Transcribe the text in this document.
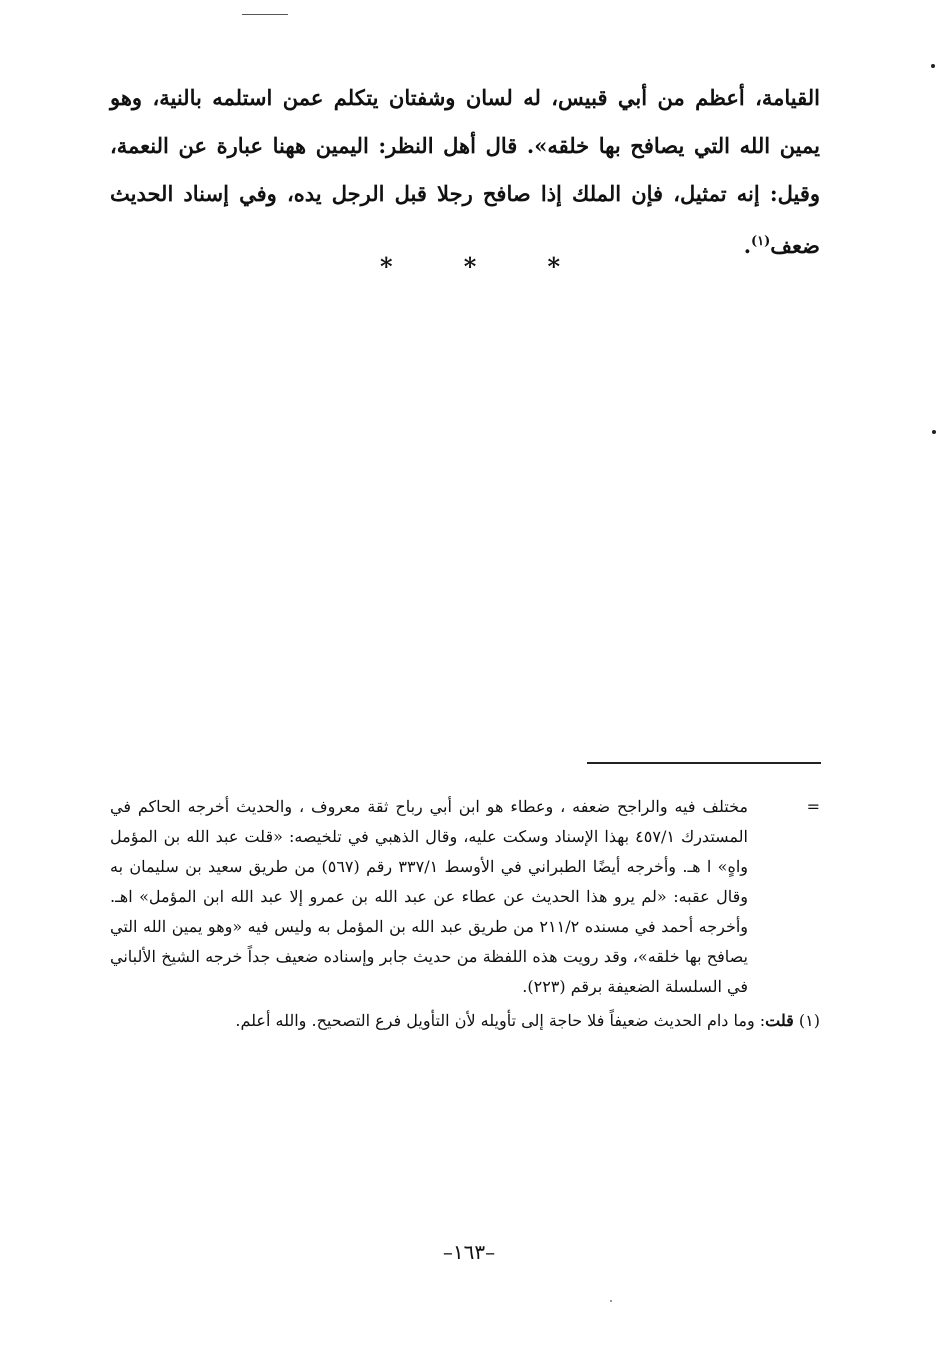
القيامة، أعظم من أبي قبيس، له لسان وشفتان يتكلم عمن استلمه بالنية، وهو يمين الله التي يصافح بها خلقه». قال أهل النظر: اليمين ههنا عبارة عن النعمة، وقيل: إنه تمثيل، فإن الملك إذا صافح رجلا قبل الرجل يده، وفي إسناد الحديث ضعف$^{(١)}$.

*	*	*
=
مختلف فيه والراجح ضعفه ، وعطاء هو ابن أبي رباح ثقة معروف ، والحديث أخرجه الحاكم في المستدرك ٤٥٧/١ بهذا الإسناد وسكت عليه، وقال الذهبي في تلخيصه: «قلت عبد الله بن المؤمل واهٍ» ا هـ. وأخرجه أيضًا الطبراني في الأوسط ٣٣٧/١ رقم (٥٦٧) من طريق سعيد بن سليمان به وقال عقبه: «لم يرو هذا الحديث عن عطاء عن عبد الله بن عمرو إلا عبد الله ابن المؤمل» اهـ. وأخرجه أحمد في مسنده ٢١١/٢ من طريق عبد الله بن المؤمل به وليس فيه «وهو يمين الله التي يصافح بها خلقه»، وقد رويت هذه اللفظة من حديث جابر وإسناده ضعيف جداً خرجه الشيخ الألباني في السلسلة الضعيفة برقم (٢٢٣).
(١) قلت: وما دام الحديث ضعيفاً فلا حاجة إلى تأويله لأن التأويل فرع التصحيح. والله أعلم.
–١٦٣–
